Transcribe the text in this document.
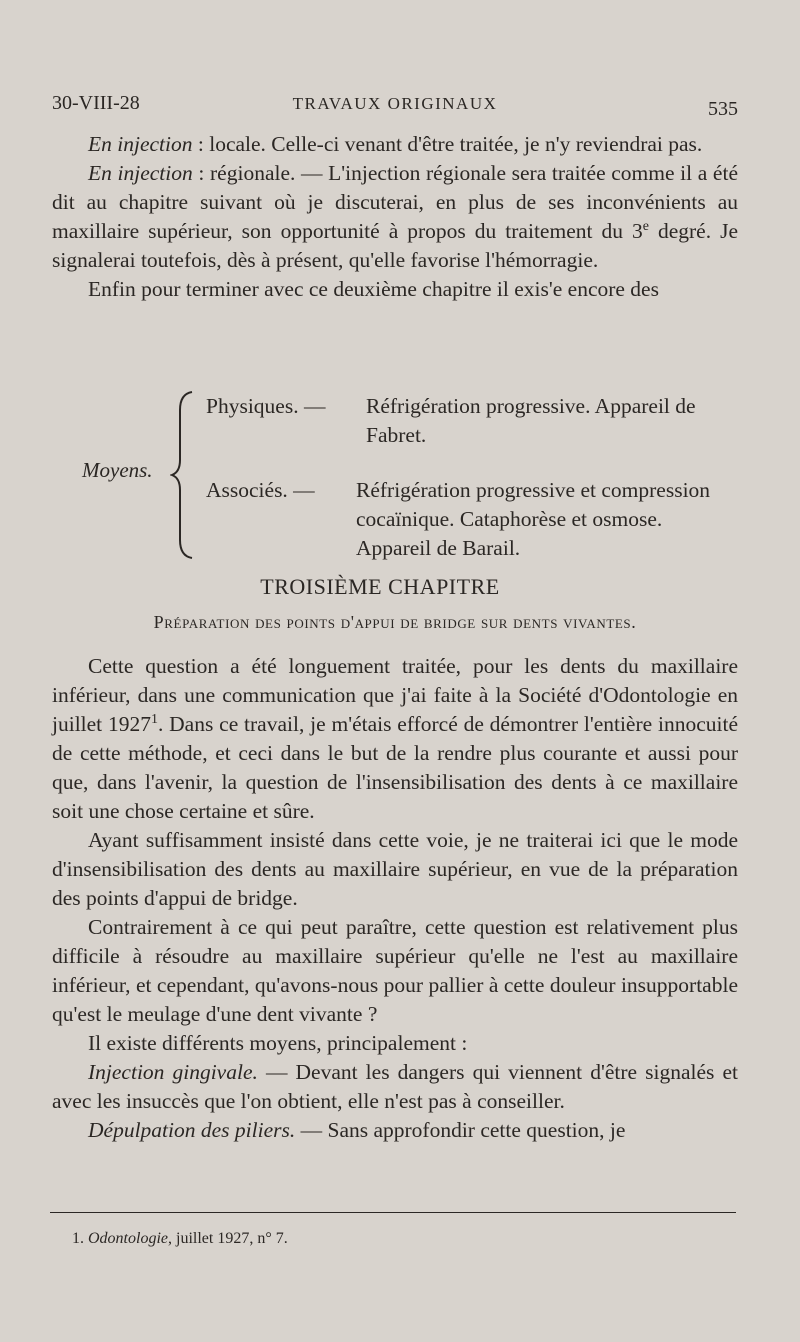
30-VIII-28	TRAVAUX ORIGINAUX	535

En injection : locale. Celle-ci venant d'être traitée, je n'y reviendrai pas.

En injection : régionale. — L'injection régionale sera traitée comme il a été dit au chapitre suivant où je discuterai, en plus de ses inconvénients au maxillaire supérieur, son opportunité à propos du traitement du 3e degré. Je signalerai toutefois, dès à présent, qu'elle favorise l'hémorragie.

Enfin pour terminer avec ce deuxième chapitre il exis'e encore des

Moyens.
Physiques. — Réfrigération progressive. Appareil de Fabret.
Associés. — Réfrigération progressive et compression cocaïnique. Cataphorèse et osmose. Appareil de Barail.
TROISIÈME CHAPITRE
Préparation des points d'appui de bridge sur dents vivantes.

Cette question a été longuement traitée, pour les dents du maxillaire inférieur, dans une communication que j'ai faite à la Société d'Odontologie en juillet 1927$^1$. Dans ce travail, je m'étais efforcé de démontrer l'entière innocuité de cette méthode, et ceci dans le but de la rendre plus courante et aussi pour que, dans l'avenir, la question de l'insensibilisation des dents à ce maxillaire soit une chose certaine et sûre.

Ayant suffisamment insisté dans cette voie, je ne traiterai ici que le mode d'insensibilisation des dents au maxillaire supérieur, en vue de la préparation des points d'appui de bridge.

Contrairement à ce qui peut paraître, cette question est relativement plus difficile à résoudre au maxillaire supérieur qu'elle ne l'est au maxillaire inférieur, et cependant, qu'avons-nous pour pallier à cette douleur insupportable qu'est le meulage d'une dent vivante ?

Il existe différents moyens, principalement :

Injection gingivale. — Devant les dangers qui viennent d'être signalés et avec les insuccès que l'on obtient, elle n'est pas à conseiller.

Dépulpation des piliers. — Sans approfondir cette question, je

1. Odontologie, juillet 1927, n° 7.
